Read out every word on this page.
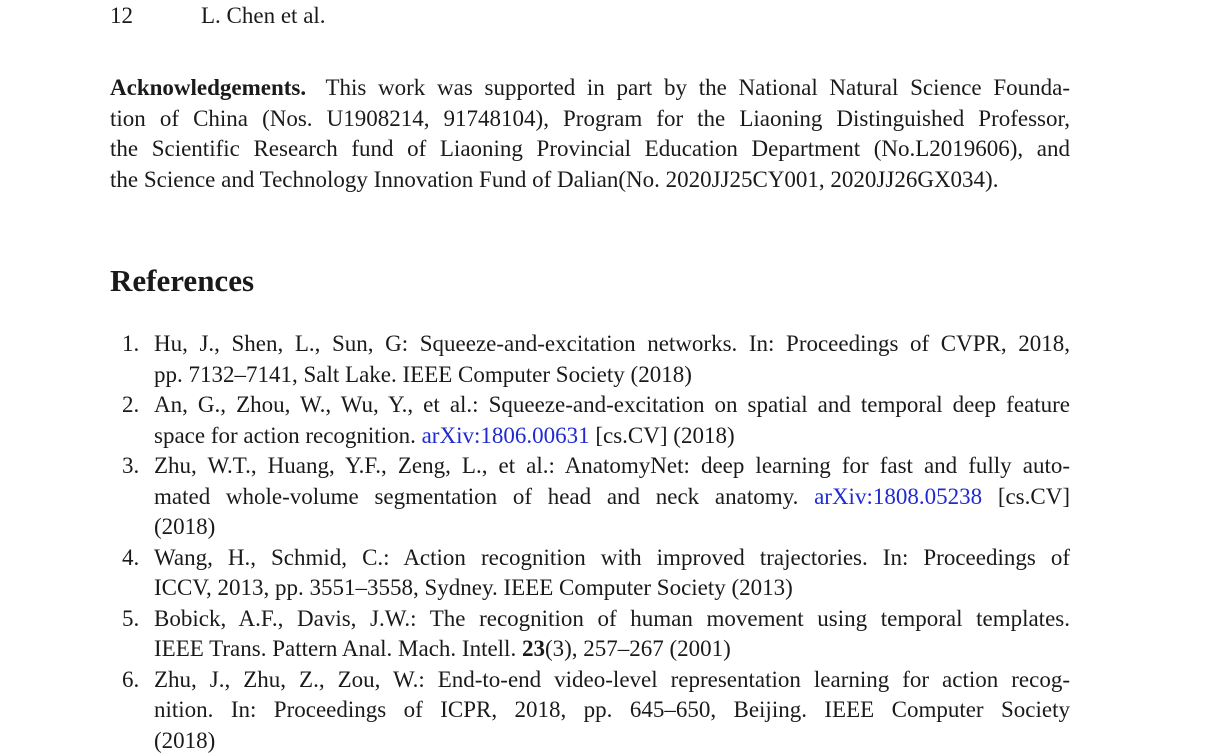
12	L. Chen et al.
Acknowledgements. This work was supported in part by the National Natural Science Founda-
tion of China (Nos. U1908214, 91748104), Program for the Liaoning Distinguished Professor,
the Scientific Research fund of Liaoning Provincial Education Department (No.L2019606), and
the Science and Technology Innovation Fund of Dalian(No. 2020JJ25CY001, 2020JJ26GX034).
References
1. Hu, J., Shen, L., Sun, G: Squeeze-and-excitation networks. In: Proceedings of CVPR, 2018,
pp. 7132–7141, Salt Lake. IEEE Computer Society (2018)
2. An, G., Zhou, W., Wu, Y., et al.: Squeeze-and-excitation on spatial and temporal deep feature
space for action recognition. arXiv:1806.00631 [cs.CV] (2018)
3. Zhu, W.T., Huang, Y.F., Zeng, L., et al.: AnatomyNet: deep learning for fast and fully auto-
mated whole-volume segmentation of head and neck anatomy. arXiv:1808.05238 [cs.CV]
(2018)
4. Wang, H., Schmid, C.: Action recognition with improved trajectories. In: Proceedings of
ICCV, 2013, pp. 3551–3558, Sydney. IEEE Computer Society (2013)
5. Bobick, A.F., Davis, J.W.: The recognition of human movement using temporal templates.
IEEE Trans. Pattern Anal. Mach. Intell. 23(3), 257–267 (2001)
6. Zhu, J., Zhu, Z., Zou, W.: End-to-end video-level representation learning for action recog-
nition. In: Proceedings of ICPR, 2018, pp. 645–650, Beijing. IEEE Computer Society
(2018)
